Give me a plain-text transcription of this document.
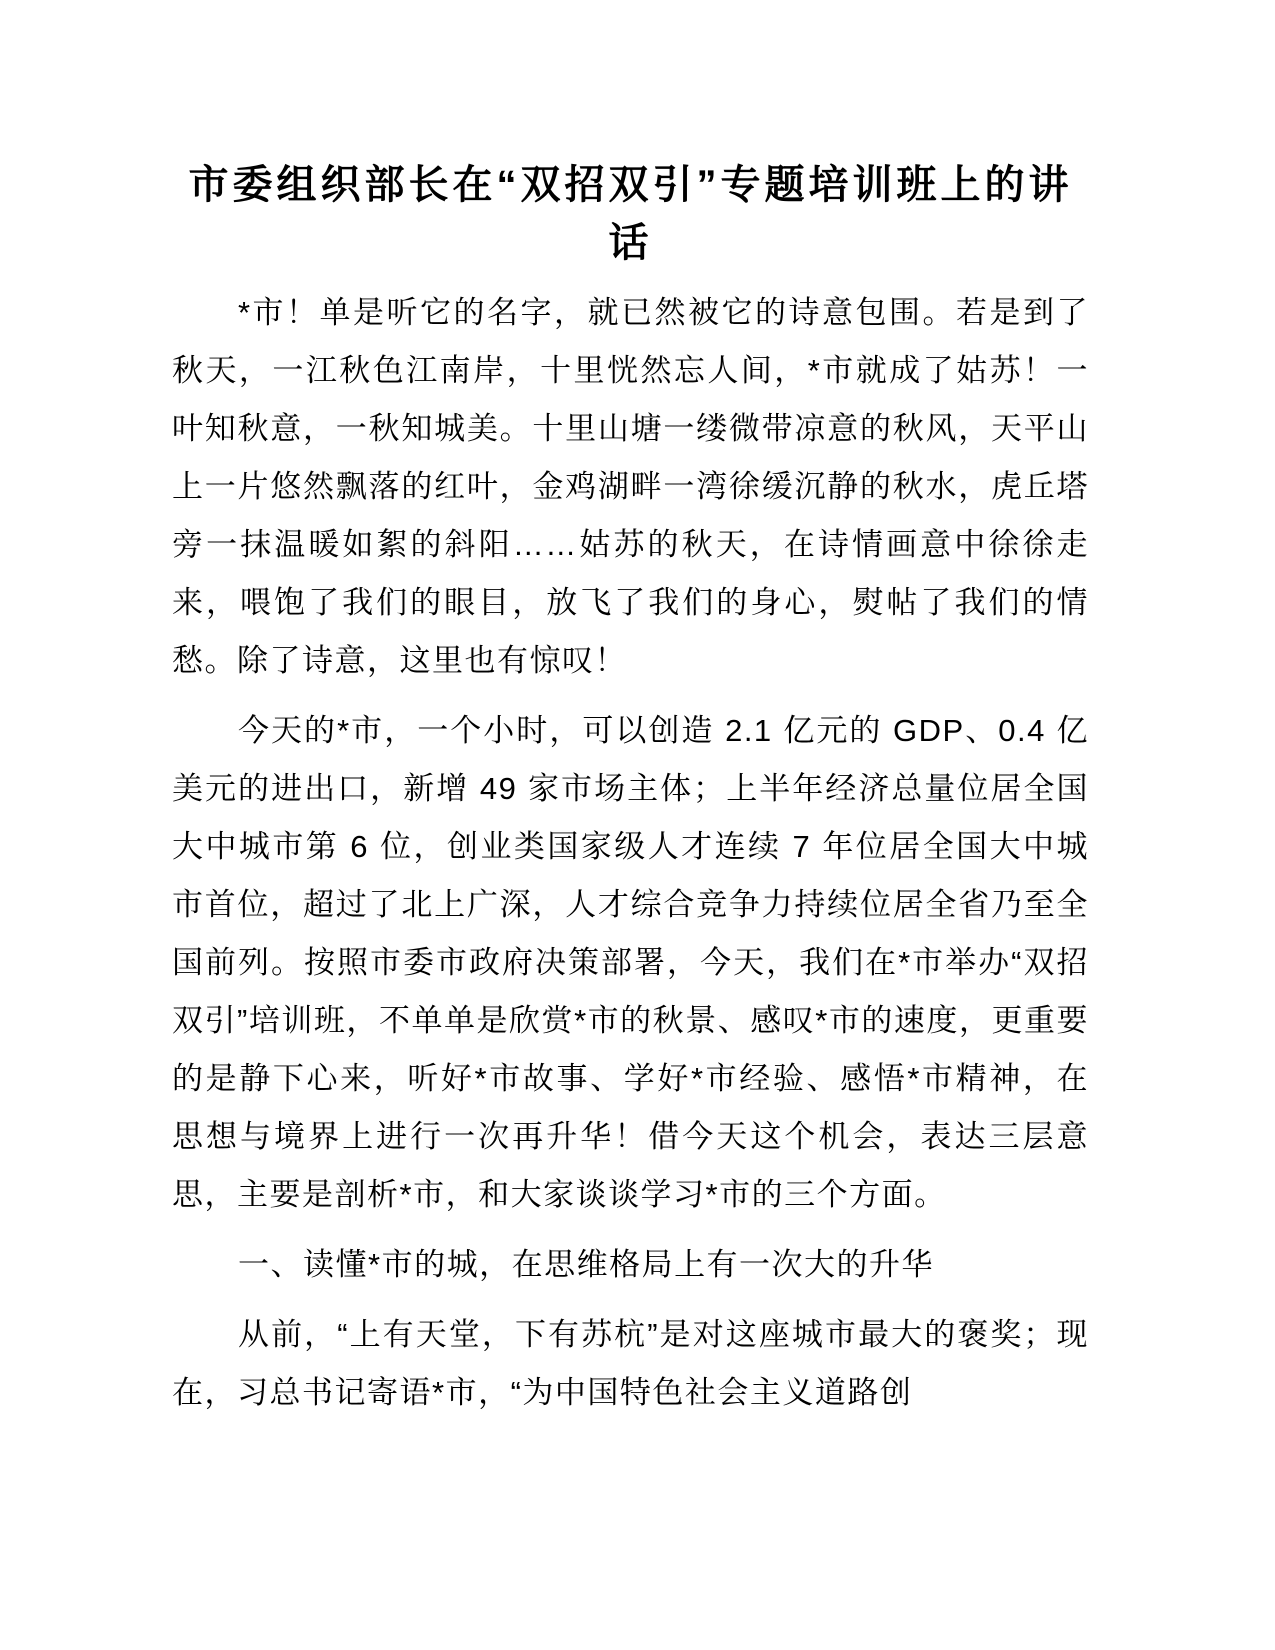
市委组织部长在“双招双引”专题培训班上的讲话

*市！单是听它的名字，就已然被它的诗意包围。若是到了秋天，一江秋色江南岸，十里恍然忘人间，*市就成了姑苏！一叶知秋意，一秋知城美。十里山塘一缕微带凉意的秋风，天平山上一片悠然飘落的红叶，金鸡湖畔一湾徐缓沉静的秋水，虎丘塔旁一抹温暖如絮的斜阳……姑苏的秋天，在诗情画意中徐徐走来，喂饱了我们的眼目，放飞了我们的身心，熨帖了我们的情愁。除了诗意，这里也有惊叹！

今天的*市，一个小时，可以创造 2.1 亿元的 GDP、0.4 亿美元的进出口，新增 49 家市场主体；上半年经济总量位居全国大中城市第 6 位，创业类国家级人才连续 7 年位居全国大中城市首位，超过了北上广深，人才综合竞争力持续位居全省乃至全国前列。按照市委市政府决策部署，今天，我们在*市举办“双招双引”培训班，不单单是欣赏*市的秋景、感叹*市的速度，更重要的是静下心来，听好*市故事、学好*市经验、感悟*市精神，在思想与境界上进行一次再升华！借今天这个机会，表达三层意思，主要是剖析*市，和大家谈谈学习*市的三个方面。

一、读懂*市的城，在思维格局上有一次大的升华

从前，“上有天堂，下有苏杭”是对这座城市最大的褒奖；现在，习总书记寄语*市，“为中国特色社会主义道路创
